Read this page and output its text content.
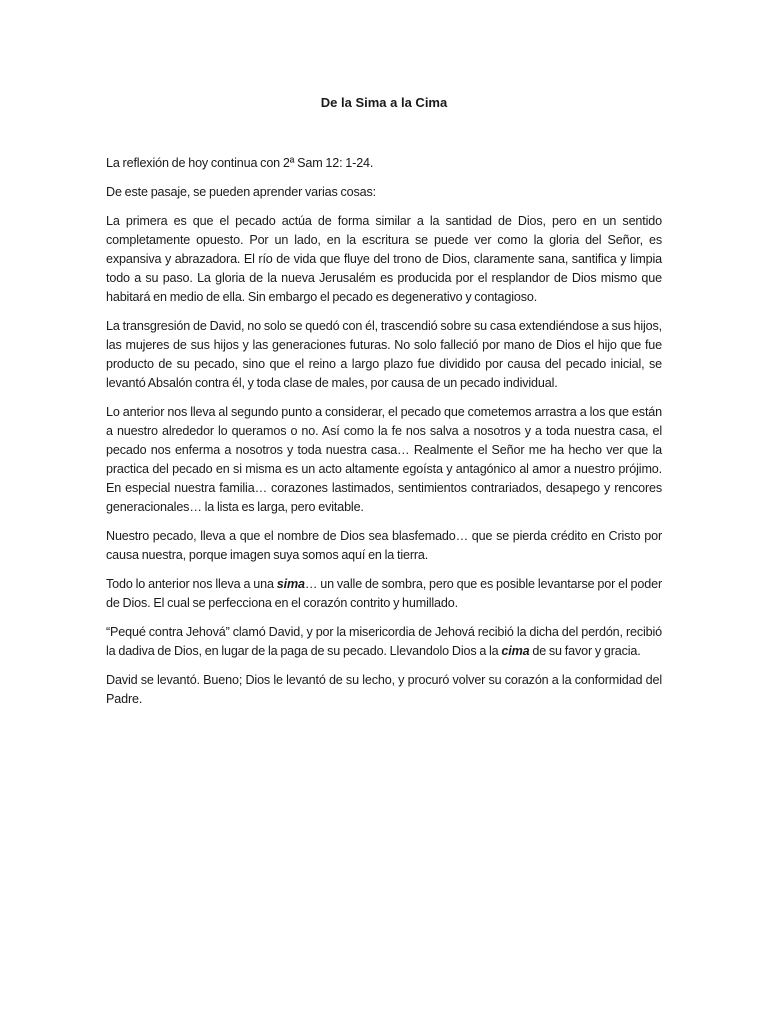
De la Sima a la Cima

La reflexión de hoy continua con 2ª Sam 12: 1-24.

De este pasaje, se pueden aprender varias cosas:

La primera es que el pecado actúa de forma similar a la santidad de Dios, pero en un sentido completamente opuesto. Por un lado, en la escritura se puede ver como la gloria del Señor, es expansiva y abrazadora. El río de vida que fluye del trono de Dios, claramente sana, santifica y limpia todo a su paso. La gloria de la nueva Jerusalém es producida por el resplandor de Dios mismo que habitará en medio de ella. Sin embargo el pecado es degenerativo y contagioso.

La transgresión de David, no solo se quedó con él, trascendió sobre su casa extendiéndose a sus hijos, las mujeres de sus hijos y las generaciones futuras. No solo falleció por mano de Dios el hijo que fue producto de su pecado, sino que el reino a largo plazo fue dividido por causa del pecado inicial, se levantó Absalón contra él, y toda clase de males, por causa de un pecado individual.

Lo anterior nos lleva al segundo punto a considerar, el pecado que cometemos arrastra a los que están a nuestro alrededor lo queramos o no. Así como la fe nos salva a nosotros y a toda nuestra casa, el pecado nos enferma a nosotros y toda nuestra casa… Realmente el Señor me ha hecho ver que la practica del pecado en si misma es un acto altamente egoísta y antagónico al amor a nuestro prójimo. En especial nuestra familia… corazones lastimados, sentimientos contrariados, desapego y rencores generacionales… la lista es larga, pero evitable.

Nuestro pecado, lleva a que el nombre de Dios sea blasfemado… que se pierda crédito en Cristo por causa nuestra, porque imagen suya somos aquí en la tierra.

Todo lo anterior nos lleva a una sima… un valle de sombra, pero que es posible levantarse por el poder de Dios. El cual se perfecciona en el corazón contrito y humillado.

“Pequé contra Jehová” clamó David, y por la misericordia de Jehová recibió la dicha del perdón, recibió la dadiva de Dios, en lugar de la paga de su pecado. Llevandolo Dios a la cima de su favor y gracia.

David se levantó. Bueno; Dios le levantó de su lecho, y procuró volver su corazón a la conformidad del Padre.
